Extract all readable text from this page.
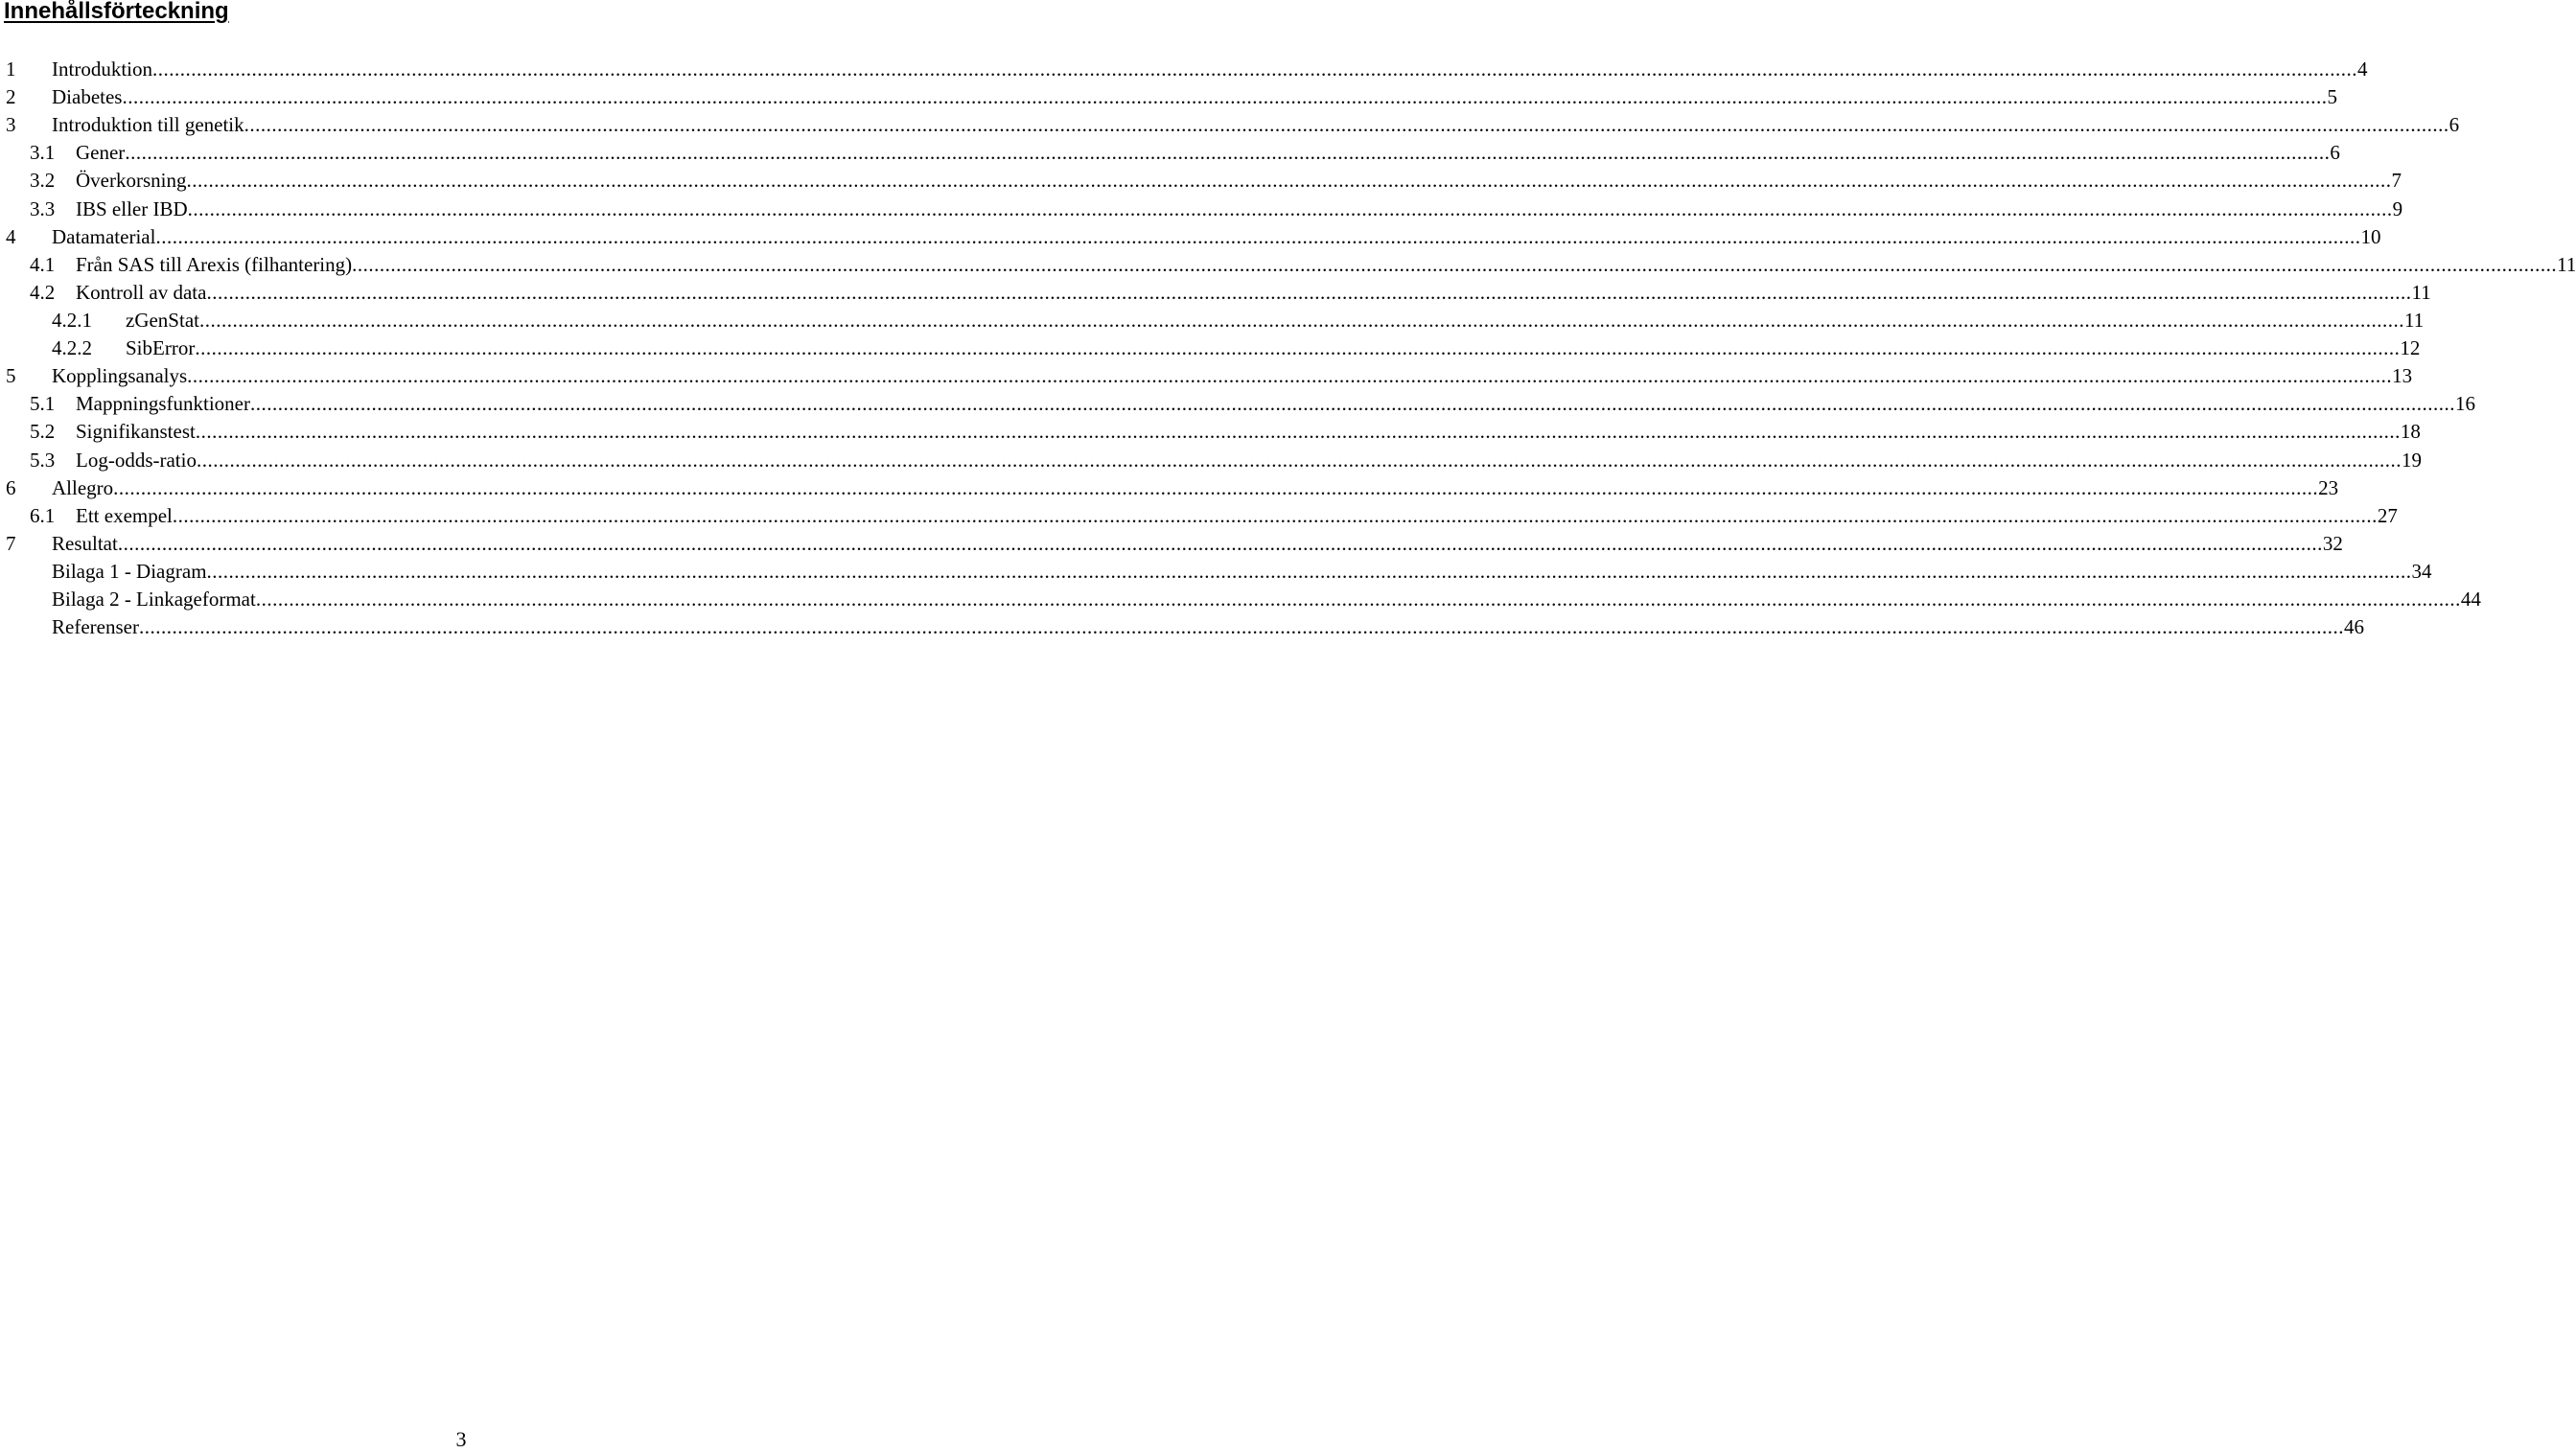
Innehållsförteckning
1 Introduktion ................................................................................................................................................................................................................................................................................................................................................................................................................ 4
2 Diabetes ................................................................................................................................................................................................................................................................................................................................................................................................................ 5
3 Introduktion till genetik ................................................................................................................................................................................................................................................................................................................................................................................................................ 6
3.1 Gener ................................................................................................................................................................................................................................................................................................................................................................................................................ 6
3.2 Överkorsning ................................................................................................................................................................................................................................................................................................................................................................................................................ 7
3.3 IBS eller IBD ................................................................................................................................................................................................................................................................................................................................................................................................................ 9
4 Datamaterial ................................................................................................................................................................................................................................................................................................................................................................................................................ 10
4.1 Från SAS till Arexis (filhantering) ................................................................................................................................................................................................................................................................................................................................................................................................................ 11
4.2 Kontroll av data ................................................................................................................................................................................................................................................................................................................................................................................................................ 11
4.2.1 zGenStat ................................................................................................................................................................................................................................................................................................................................................................................................................ 11
4.2.2 SibError ................................................................................................................................................................................................................................................................................................................................................................................................................ 12
5 Kopplingsanalys ................................................................................................................................................................................................................................................................................................................................................................................................................ 13
5.1 Mappningsfunktioner ................................................................................................................................................................................................................................................................................................................................................................................................................ 16
5.2 Signifikanstest ................................................................................................................................................................................................................................................................................................................................................................................................................ 18
5.3 Log-odds-ratio ................................................................................................................................................................................................................................................................................................................................................................................................................ 19
6 Allegro ................................................................................................................................................................................................................................................................................................................................................................................................................ 23
6.1 Ett exempel ................................................................................................................................................................................................................................................................................................................................................................................................................ 27
7 Resultat ................................................................................................................................................................................................................................................................................................................................................................................................................ 32
Bilaga 1 - Diagram ................................................................................................................................................................................................................................................................................................................................................................................................................ 34
Bilaga 2 - Linkageformat ................................................................................................................................................................................................................................................................................................................................................................................................................ 44
Referenser ................................................................................................................................................................................................................................................................................................................................................................................................................ 46
3
